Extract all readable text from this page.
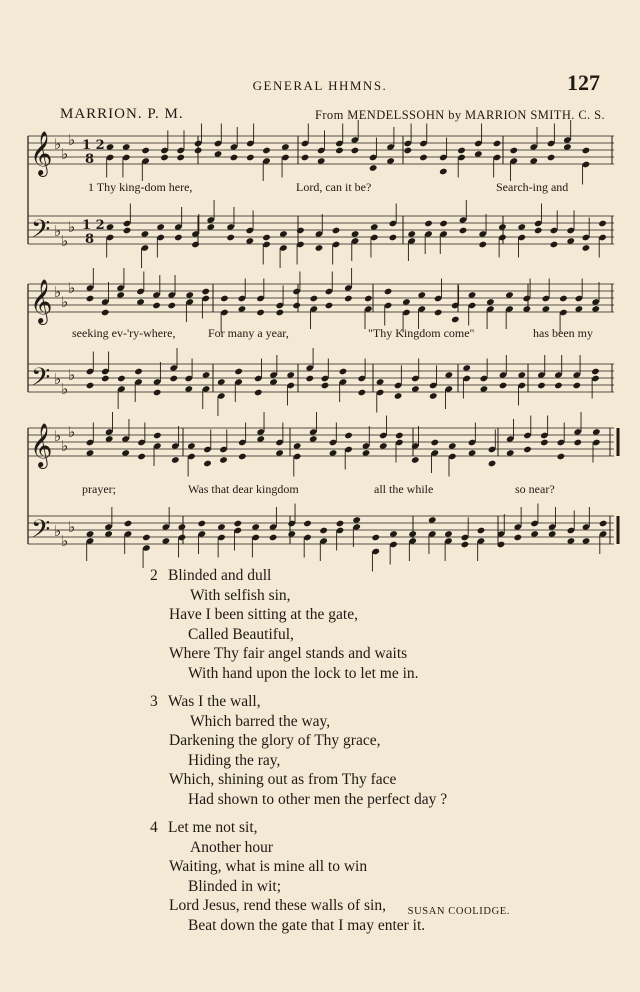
GENERAL HHMNS.	127
MARRION. P. M.	From MENDELSSOHN by MARRION SMITH. C. S.
𝄞 ♭
♭
♭ 1 2
8
𝄢 ♭
♭
♭ 1 2
8
1 Thy king-dom here,	Lord, can it be?	Search-ing and
𝄞 ♭
♭
♭
𝄢 ♭
♭
♭
seeking ev-'ry-where,	For many a year,	"Thy Kingdom come"	has been my
𝄞 ♭
♭
♭
𝄢 ♭
♭
♭
prayer;	Was that dear kingdom	all the while	so near?
2 Blinded and dull
With selfish sin,
Have I been sitting at the gate,
Called Beautiful,
Where Thy fair angel stands and waits
With hand upon the lock to let me in.
3 Was I the wall,
Which barred the way,
Darkening the glory of Thy grace,
Hiding the ray,
Which, shining out as from Thy face
Had shown to other men the perfect day ?
4 Let me not sit,
Another hour
Waiting, what is mine all to win
Blinded in wit;
Lord Jesus, rend these walls of sin,
Beat down the gate that I may enter it.
SUSAN COOLIDGE.
